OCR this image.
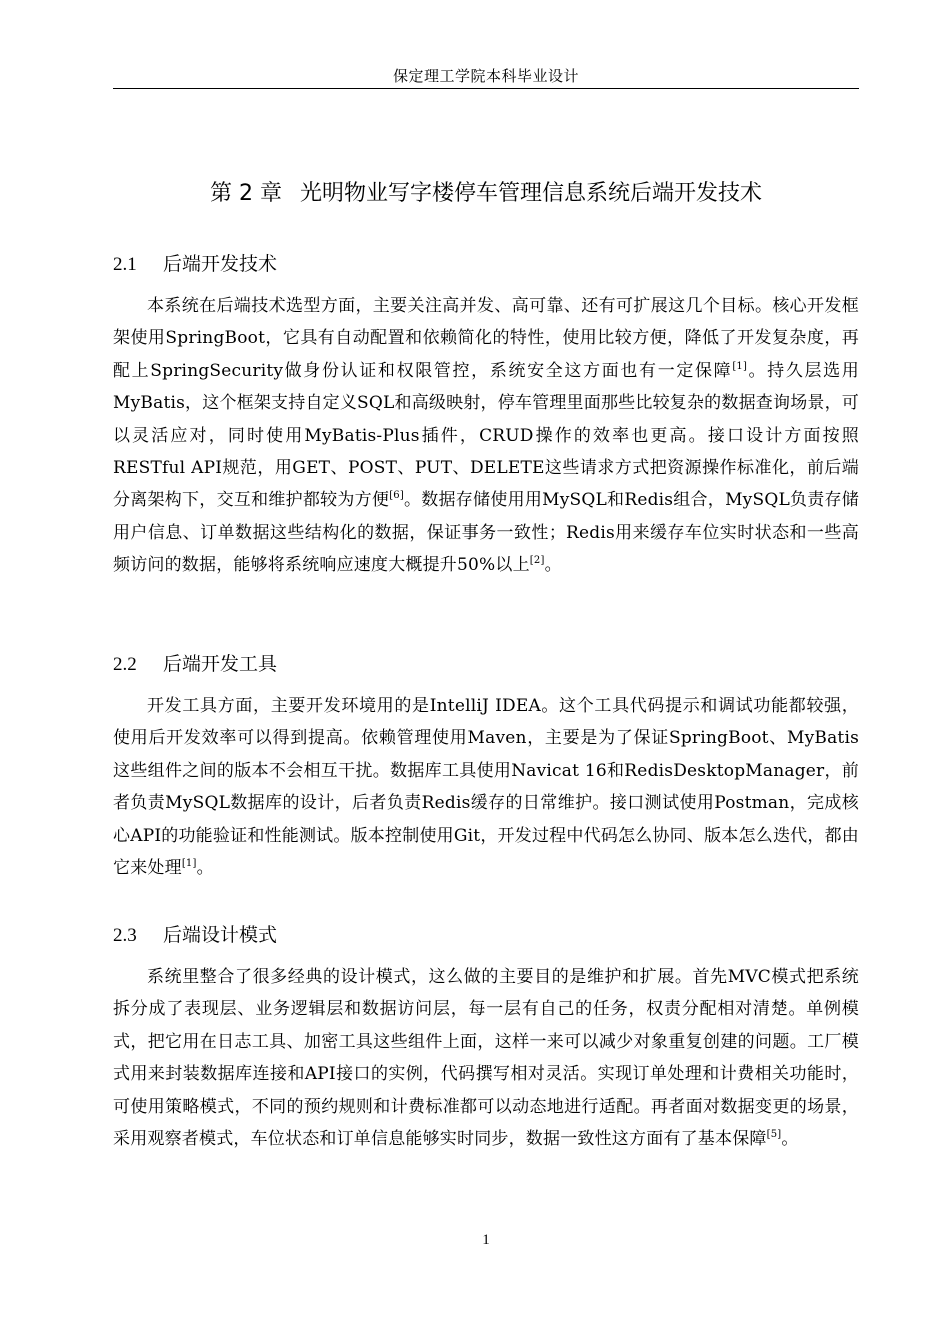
保定理工学院本科毕业设计
第 2 章 光明物业写字楼停车管理信息系统后端开发技术
2.1 后端开发技术
本系统在后端技术选型方面，主要关注高并发、高可靠、还有可扩展这几个目标。核心开发框架使用SpringBoot，它具有自动配置和依赖简化的特性，使用比较方便，降低了开发复杂度，再配上SpringSecurity做身份认证和权限管控，系统安全这方面也有一定保障[1]。持久层选用MyBatis，这个框架支持自定义SQL和高级映射，停车管理里面那些比较复杂的数据查询场景，可以灵活应对，同时使用MyBatis-Plus插件，CRUD操作的效率也更高。接口设计方面按照RESTful API规范，用GET、POST、PUT、DELETE这些请求方式把资源操作标准化，前后端分离架构下，交互和维护都较为方便[6]。数据存储使用用MySQL和Redis组合，MySQL负责存储用户信息、订单数据这些结构化的数据，保证事务一致性；Redis用来缓存车位实时状态和一些高频访问的数据，能够将系统响应速度大概提升50%以上[2]。
2.2 后端开发工具
开发工具方面，主要开发环境用的是IntelliJ IDEA。这个工具代码提示和调试功能都较强，使用后开发效率可以得到提高。依赖管理使用Maven，主要是为了保证SpringBoot、MyBatis这些组件之间的版本不会相互干扰。数据库工具使用Navicat 16和RedisDesktopManager，前者负责MySQL数据库的设计，后者负责Redis缓存的日常维护。接口测试使用Postman，完成核心API的功能验证和性能测试。版本控制使用Git，开发过程中代码怎么协同、版本怎么迭代，都由它来处理[1]。
2.3 后端设计模式
系统里整合了很多经典的设计模式，这么做的主要目的是维护和扩展。首先MVC模式把系统拆分成了表现层、业务逻辑层和数据访问层，每一层有自己的任务，权责分配相对清楚。单例模式，把它用在日志工具、加密工具这些组件上面，这样一来可以减少对象重复创建的问题。工厂模式用来封装数据库连接和API接口的实例，代码撰写相对灵活。实现订单处理和计费相关功能时，可使用策略模式，不同的预约规则和计费标准都可以动态地进行适配。再者面对数据变更的场景，采用观察者模式，车位状态和订单信息能够实时同步，数据一致性这方面有了基本保障[5]。
1
